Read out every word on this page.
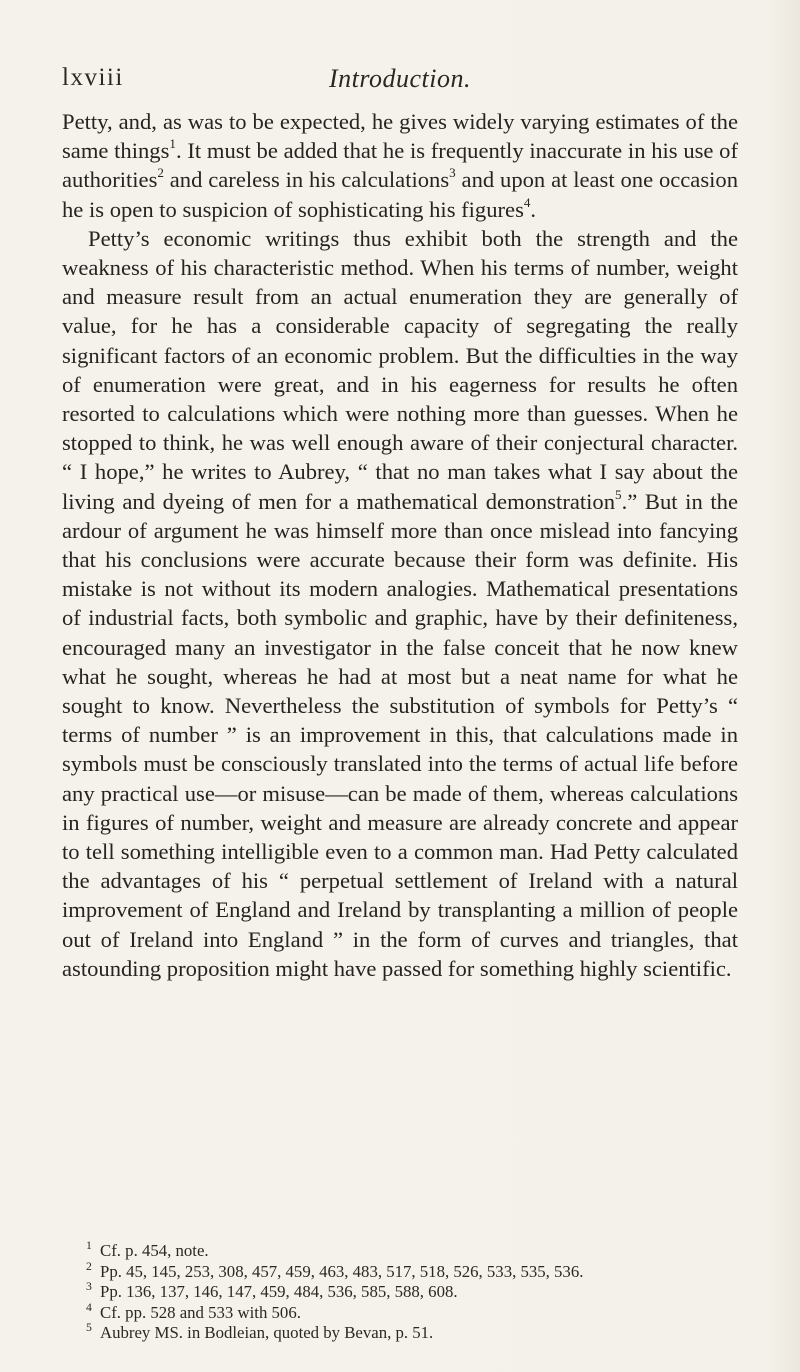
lxviii	Introduction.

Petty, and, as was to be expected, he gives widely varying estimates of the same things$^1$. It must be added that he is frequently inaccurate in his use of authorities$^2$ and careless in his calculations$^3$ and upon at least one occasion he is open to suspicion of sophisticating his figures$^4$.

Petty’s economic writings thus exhibit both the strength and the weakness of his characteristic method. When his terms of number, weight and measure result from an actual enumeration they are generally of value, for he has a considerable capacity of segregating the really significant factors of an economic problem. But the difficulties in the way of enumeration were great, and in his eagerness for results he often resorted to calculations which were nothing more than guesses. When he stopped to think, he was well enough aware of their conjectural character. “ I hope,” he writes to Aubrey, “ that no man takes what I say about the living and dyeing of men for a mathematical demonstration$^5$.” But in the ardour of argument he was himself more than once mislead into fancying that his conclusions were accurate because their form was definite. His mistake is not without its modern analogies. Mathematical presentations of industrial facts, both symbolic and graphic, have by their definiteness, encouraged many an investigator in the false conceit that he now knew what he sought, whereas he had at most but a neat name for what he sought to know. Nevertheless the substitution of symbols for Petty’s “ terms of number ” is an improvement in this, that calculations made in symbols must be consciously translated into the terms of actual life before any practical use—or misuse—can be made of them, whereas calculations in figures of number, weight and measure are already concrete and appear to tell something intelligible even to a common man. Had Petty calculated the advantages of his “ perpetual settlement of Ireland with a natural improvement of England and Ireland by transplanting a million of people out of Ireland into England ” in the form of curves and triangles, that astounding proposition might have passed for something highly scientific.

$^1$ Cf. p. 454, note.
$^2$ Pp. 45, 145, 253, 308, 457, 459, 463, 483, 517, 518, 526, 533, 535, 536.
$^3$ Pp. 136, 137, 146, 147, 459, 484, 536, 585, 588, 608.
$^4$ Cf. pp. 528 and 533 with 506.
$^5$ Aubrey MS. in Bodleian, quoted by Bevan, p. 51.
